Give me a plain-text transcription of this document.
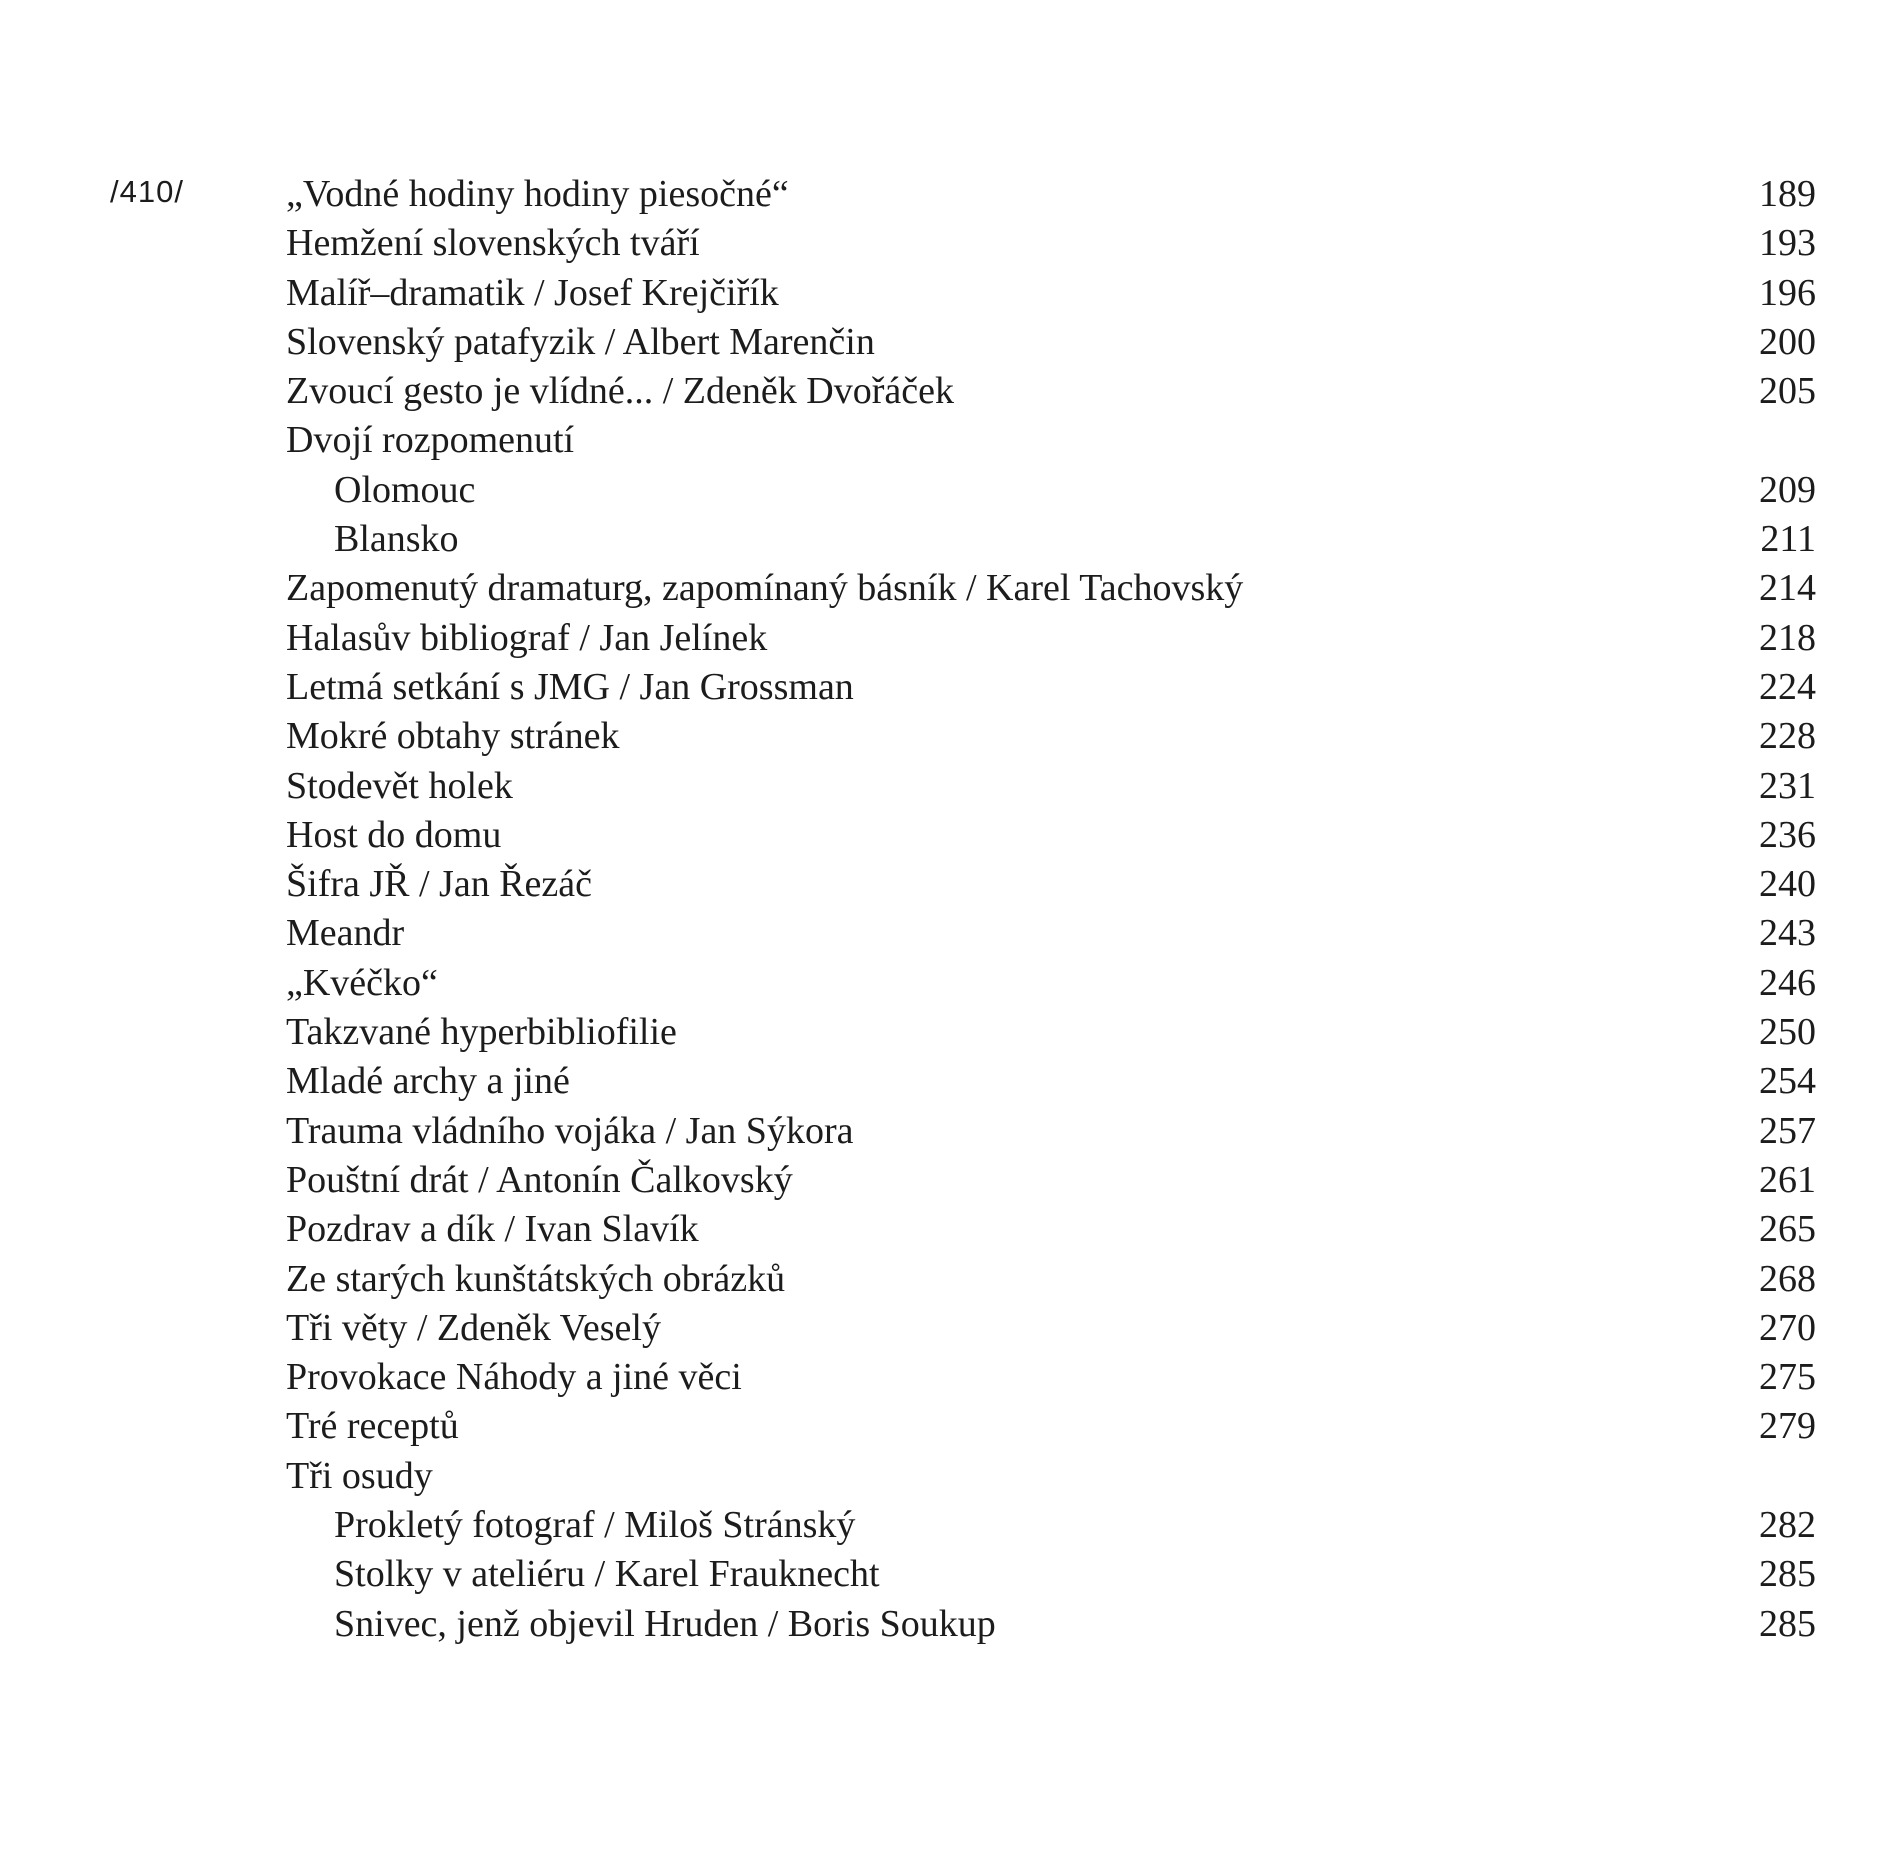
/410/	„Vodné hodiny hodiny piesočné“	189
Hemžení slovenských tváří	193
Malíř–dramatik / Josef Krejčiřík	196
Slovenský patafyzik / Albert Marenčin	200
Zvoucí gesto je vlídné... / Zdeněk Dvořáček	205
Dvojí rozpomenutí
Olomouc	209
Blansko	211
Zapomenutý dramaturg, zapomínaný básník / Karel Tachovský	214
Halasův bibliograf / Jan Jelínek	218
Letmá setkání s JMG / Jan Grossman	224
Mokré obtahy stránek	228
Stodevět holek	231
Host do domu	236
Šifra JŘ / Jan Řezáč	240
Meandr	243
„Kvéčko“	246
Takzvané hyperbibliofilie	250
Mladé archy a jiné	254
Trauma vládního vojáka / Jan Sýkora	257
Pouštní drát / Antonín Čalkovský	261
Pozdrav a dík / Ivan Slavík	265
Ze starých kunštátských obrázků	268
Tři věty / Zdeněk Veselý	270
Provokace Náhody a jiné věci	275
Tré receptů	279
Tři osudy
Prokletý fotograf / Miloš Stránský	282
Stolky v ateliéru / Karel Frauknecht	285
Snivec, jenž objevil Hruden / Boris Soukup	285
